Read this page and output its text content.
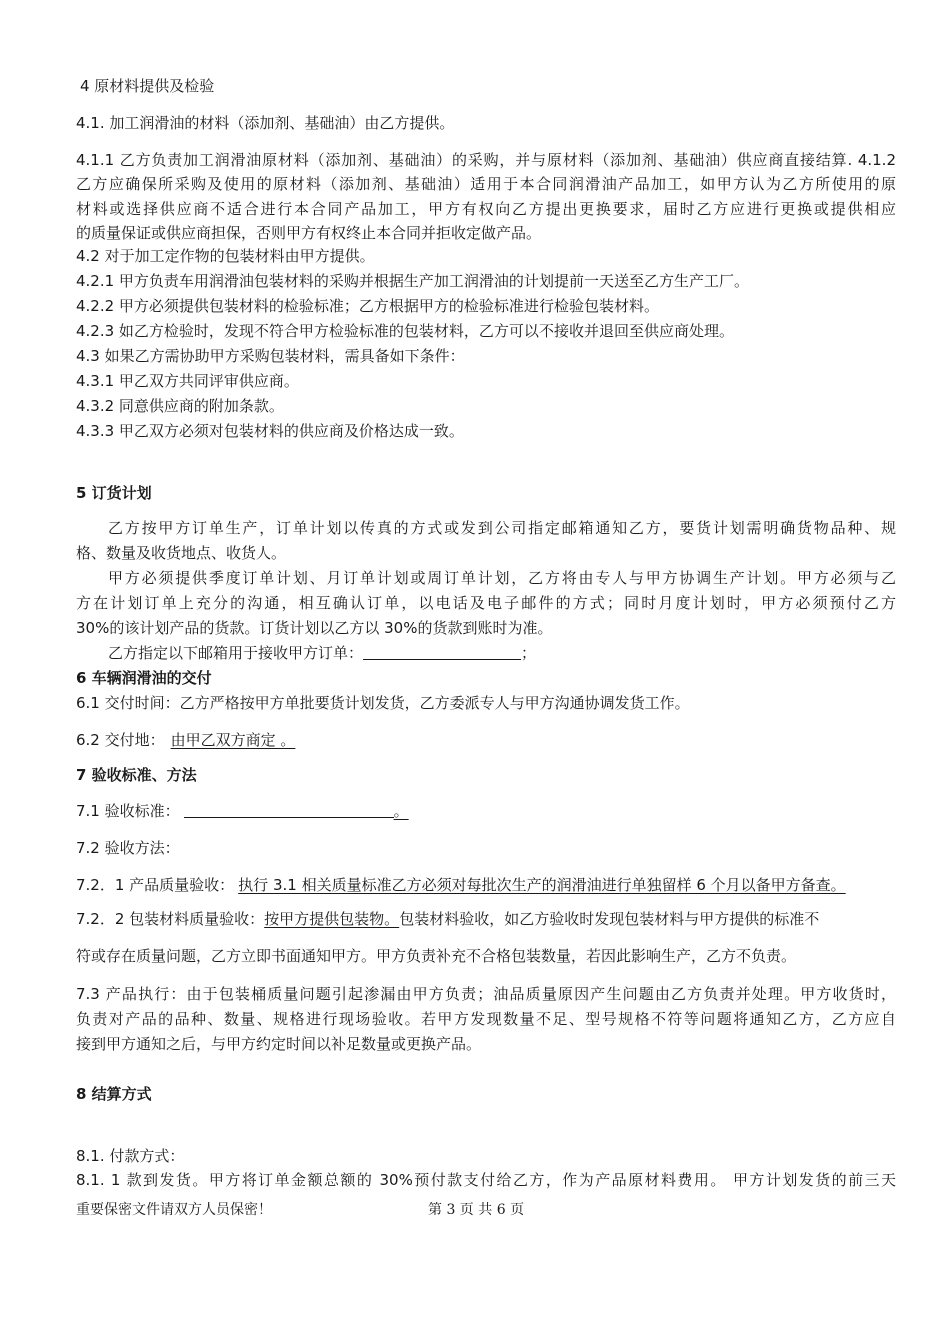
4 原材料提供及检验

4.1. 加工润滑油的材料（添加剂、基础油）由乙方提供。

4.1.1 乙方负责加工润滑油原材料（添加剂、基础油）的采购，并与原材料（添加剂、基础油）供应商直接结算. 4.1.2

乙方应确保所采购及使用的原材料（添加剂、基础油）适用于本合同润滑油产品加工，如甲方认为乙方所使用的原

材料或选择供应商不适合进行本合同产品加工，甲方有权向乙方提出更换要求，届时乙方应进行更换或提供相应

的质量保证或供应商担保，否则甲方有权终止本合同并拒收定做产品。

4.2 对于加工定作物的包装材料由甲方提供。

4.2.1 甲方负责车用润滑油包装材料的采购并根据生产加工润滑油的计划提前一天送至乙方生产工厂。

4.2.2 甲方必须提供包装材料的检验标准；乙方根据甲方的检验标准进行检验包装材料。

4.2.3 如乙方检验时，发现不符合甲方检验标准的包装材料，乙方可以不接收并退回至供应商处理。

4.3 如果乙方需协助甲方采购包装材料，需具备如下条件：

4.3.1 甲乙双方共同评审供应商。

4.3.2 同意供应商的附加条款。

4.3.3 甲乙双方必须对包装材料的供应商及价格达成一致。

5 订货计划

乙方按甲方订单生产，订单计划以传真的方式或发到公司指定邮箱通知乙方，要货计划需明确货物品种、规

格、数量及收货地点、收货人。

甲方必须提供季度订单计划、月订单计划或周订单计划，乙方将由专人与甲方协调生产计划。甲方必须与乙

方在计划订单上充分的沟通，相互确认订单，以电话及电子邮件的方式；同时月度计划时，甲方必须预付乙方

30%的该计划产品的货款。订货计划以乙方以 30%的货款到账时为准。

乙方指定以下邮箱用于接收甲方订单：	；

6 车辆润滑油的交付

6.1 交付时间：乙方严格按甲方单批要货计划发货，乙方委派专人与甲方沟通协调发货工作。

6.2 交付地： 由甲乙双方商定 。

7 验收标准、方法

7.1 验收标准：	。

7.2 验收方法：

7.2．1 产品质量验收： 执行 3.1 相关质量标准乙方必须对每批次生产的润滑油进行单独留样 6 个月以备甲方备查。

7.2．2 包装材料质量验收：按甲方提供包装物。包装材料验收，如乙方验收时发现包装材料与甲方提供的标准不

符或存在质量问题，乙方立即书面通知甲方。甲方负责补充不合格包装数量，若因此影响生产，乙方不负责。

7.3 产品执行：由于包装桶质量问题引起渗漏由甲方负责；油品质量原因产生问题由乙方负责并处理。甲方收货时，

负责对产品的品种、数量、规格进行现场验收。若甲方发现数量不足、型号规格不符等问题将通知乙方，乙方应自

接到甲方通知之后，与甲方约定时间以补足数量或更换产品。

8 结算方式

8.1. 付款方式：

8.1. 1 款到发货。甲方将订单金额总额的 30%预付款支付给乙方，作为产品原材料费用。 甲方计划发货的前三天

重要保密文件请双方人员保密！	第 3 页 共 6 页
